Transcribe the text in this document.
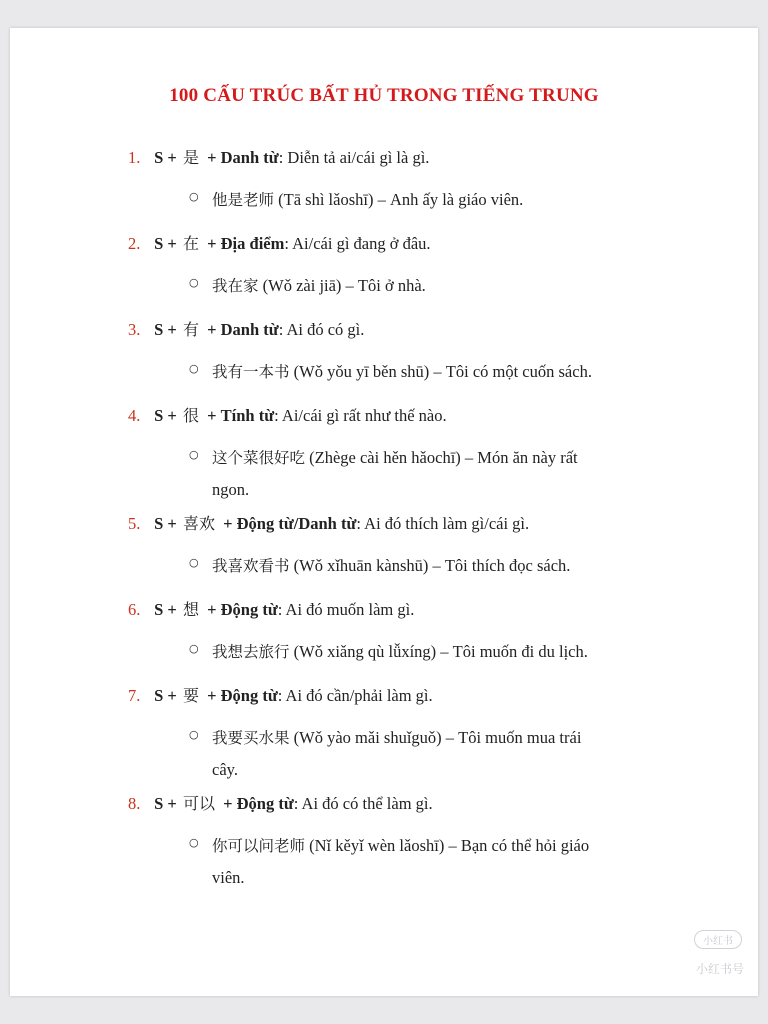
100 CẤU TRÚC BẤT HỦ TRONG TIẾNG TRUNG
1. S + 是 + Danh từ: Diễn tả ai/cái gì là gì.
○ 他是老师 (Tā shì lǎoshī) – Anh ấy là giáo viên.
2. S + 在 + Địa điểm: Ai/cái gì đang ở đâu.
○ 我在家 (Wǒ zài jiā) – Tôi ở nhà.
3. S + 有 + Danh từ: Ai đó có gì.
○ 我有一本书 (Wǒ yǒu yī běn shū) – Tôi có một cuốn sách.
4. S + 很 + Tính từ: Ai/cái gì rất như thế nào.
○ 这个菜很好吃 (Zhège cài hěn hǎochī) – Món ăn này rất
ngon.
5. S + 喜欢 + Động từ/Danh từ: Ai đó thích làm gì/cái gì.
○ 我喜欢看书 (Wǒ xǐhuān kànshū) – Tôi thích đọc sách.
6. S + 想 + Động từ: Ai đó muốn làm gì.
○ 我想去旅行 (Wǒ xiǎng qù lǚxíng) – Tôi muốn đi du lịch.
7. S + 要 + Động từ: Ai đó cần/phải làm gì.
○ 我要买水果 (Wǒ yào mǎi shuǐguǒ) – Tôi muốn mua trái
cây.
8. S + 可以 + Động từ: Ai đó có thể làm gì.
○ 你可以问老师 (Nǐ kěyǐ wèn lǎoshī) – Bạn có thể hỏi giáo
viên.
小红书
小红书号
